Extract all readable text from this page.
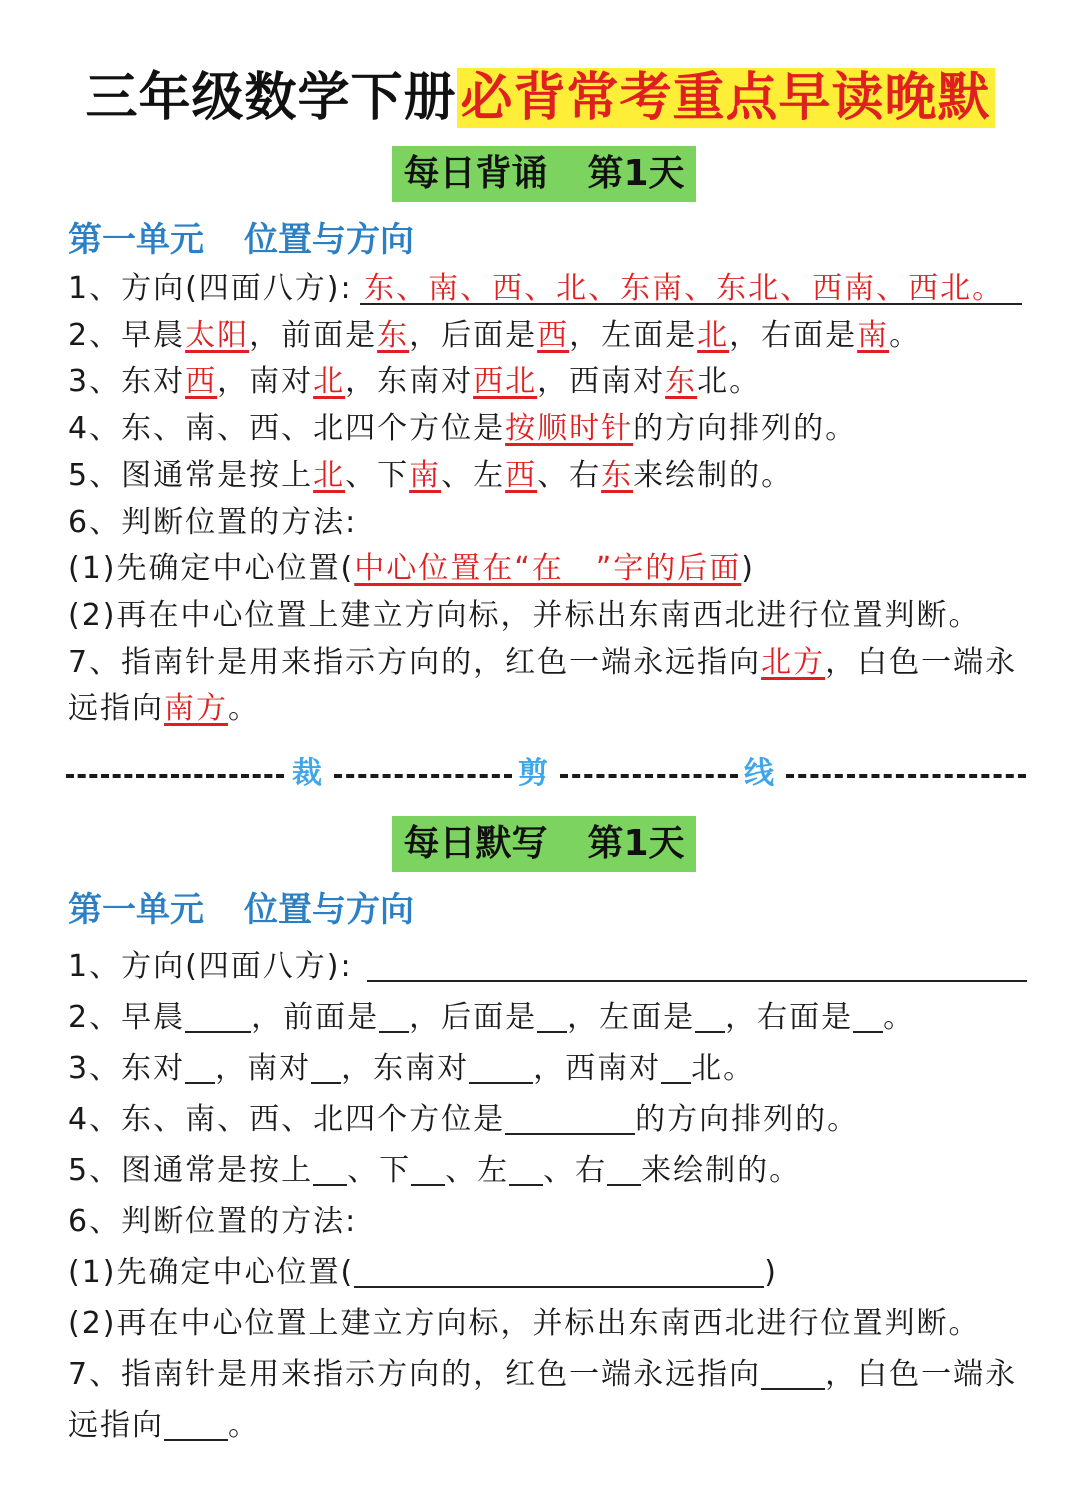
三年级数学下册必背常考重点早读晚默
每日背诵 第1天
第一单元 位置与方向
1、方向(四面八方): 东、南、西、北、东南、东北、西南、西北。
2、早晨太阳，前面是东，后面是西，左面是北，右面是南。
3、东对西，南对北，东南对西北，西南对东北。
4、东、南、西、北四个方位是按顺时针的方向排列的。
5、图通常是按上北、下南、左西、右东来绘制的。
6、判断位置的方法:
(1)先确定中心位置(中心位置在“在　”字的后面)
(2)再在中心位置上建立方向标，并标出东南西北进行位置判断。
7、指南针是用来指示方向的，红色一端永远指向北方，白色一端永
远指向南方。
裁	剪	线
每日默写 第1天
第一单元 位置与方向
1、方向(四面八方):
2、早晨 ，前面是 ，后面是 ，左面是 ，右面是 。
3、东对 ，南对 ，东南对 ，西南对 北。
4、东、南、西、北四个方位是	的方向排列的。
5、图通常是按上 、下 、左 、右 来绘制的。
6、判断位置的方法:
(1)先确定中心位置(	)
(2)再在中心位置上建立方向标，并标出东南西北进行位置判断。
7、指南针是用来指示方向的，红色一端永远指向 ，白色一端永
远指向 。
